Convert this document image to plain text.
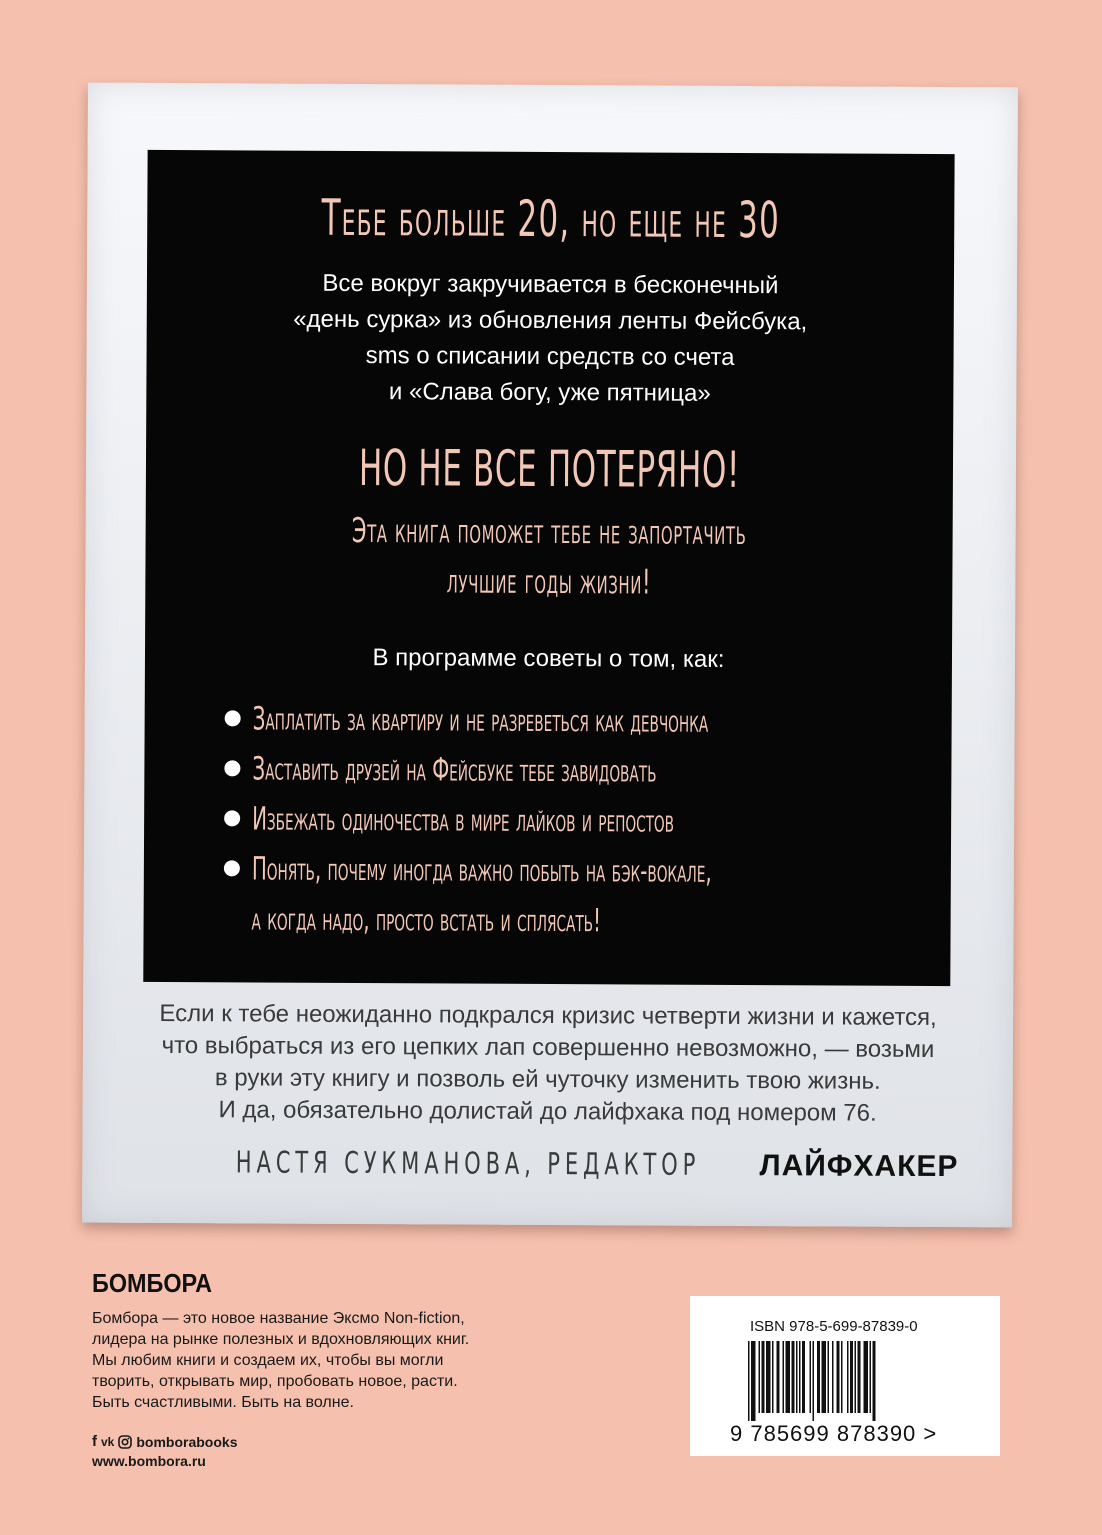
Тебе больше 20, но еще не 30
Все вокруг закручивается в бесконечный
«день сурка» из обновления ленты Фейсбука,
sms о списании средств со счета
и «Слава богу, уже пятница»
НО НЕ ВСЕ ПОТЕРЯНО!
Эта книга поможет тебе не запортачить
лучшие годы жизни!
В программе советы о том, как:
Заплатить за квартиру и не разреветься как девчонка
Заставить друзей на Фейсбуке тебе завидовать
Избежать одиночества в мире лайков и репостов
Понять, почему иногда важно побыть на бэк-вокале,
а когда надо, просто встать и сплясать!
Если к тебе неожиданно подкрался кризис четверти жизни и кажется,
что выбраться из его цепких лап совершенно невозможно, — возьми
в руки эту книгу и позволь ей чуточку изменить твою жизнь.
И да, обязательно долистай до лайфхака под номером 76.
НАСТЯ СУКМАНОВА, РЕДАКТОР ЛАЙФХАКЕР
БОМБОРА
Бомбора — это новое название Эксмо Non-fiction,
лидера на рынке полезных и вдохновляющих книг.
Мы любим книги и создаем их, чтобы вы могли
творить, открывать мир, пробовать новое, расти.
Быть счастливыми. Быть на волне.
f vk bomborabooks
www.bombora.ru
ISBN 978-5-699-87839-0
9 785699 878390 >
